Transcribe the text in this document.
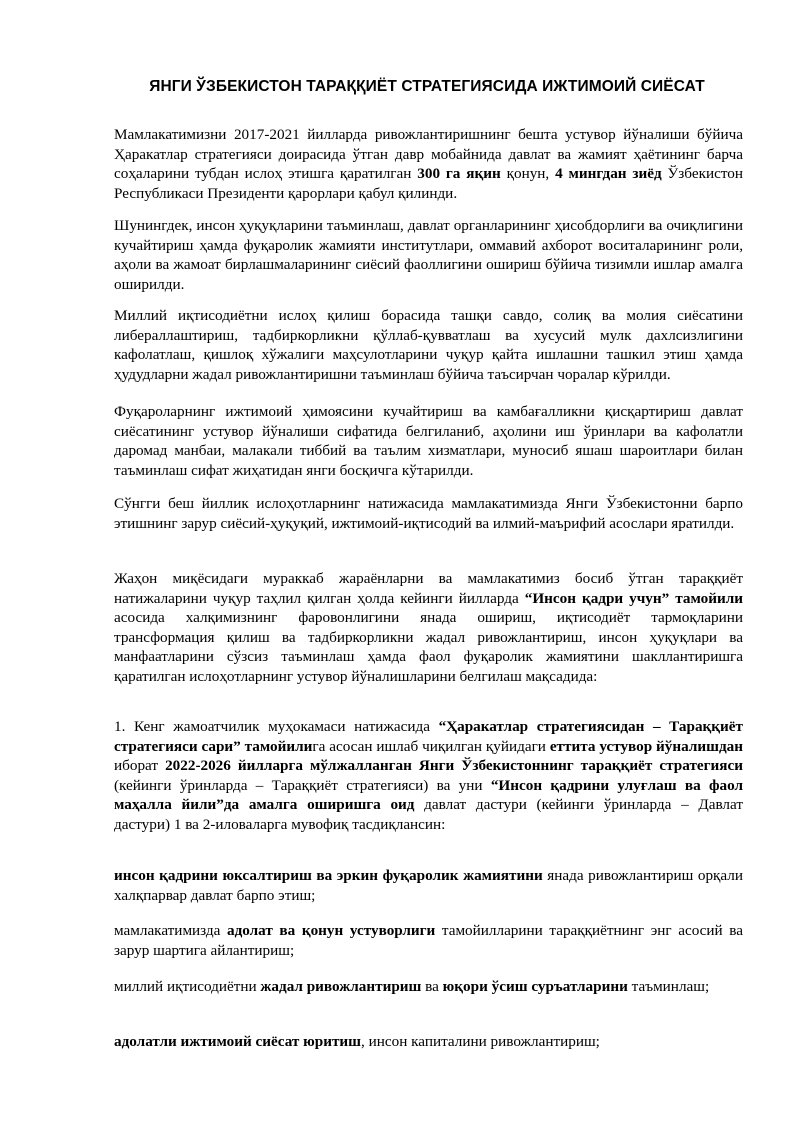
ЯНГИ ЎЗБЕКИСТОН ТАРАҚҚИЁТ СТРАТЕГИЯСИДА ИЖТИМОИЙ СИЁСАТ

Мамлакатимизни 2017-2021 йилларда ривожлантиришнинг бешта устувор йўналиши бўйича Ҳаракатлар стратегияси доирасида ўтган давр мобайнида давлат ва жамият ҳаётининг барча соҳаларини тубдан ислоҳ этишга қаратилган 300 га яқин қонун, 4 мингдан зиёд Ўзбекистон Республикаси Президенти қарорлари қабул қилинди.

Шунингдек, инсон ҳуқуқларини таъминлаш, давлат органларининг ҳисобдорлиги ва очиқлигини кучайтириш ҳамда фуқаролик жамияти институтлари, оммавий ахборот воситаларининг роли, аҳоли ва жамоат бирлашмаларининг сиёсий фаоллигини ошириш бўйича тизимли ишлар амалга оширилди.

Миллий иқтисодиётни ислоҳ қилиш борасида ташқи савдо, солиқ ва молия сиёсатини либераллаштириш, тадбиркорликни қўллаб-қувватлаш ва хусусий мулк дахлсизлигини кафолатлаш, қишлоқ хўжалиги маҳсулотларини чуқур қайта ишлашни ташкил этиш ҳамда ҳудудларни жадал ривожлантиришни таъминлаш бўйича таъсирчан чоралар кўрилди.

Фуқароларнинг ижтимоий ҳимоясини кучайтириш ва камбағалликни қисқартириш давлат сиёсатининг устувор йўналиши сифатида белгиланиб, аҳолини иш ўринлари ва кафолатли даромад манбаи, малакали тиббий ва таълим хизматлари, муносиб яшаш шароитлари билан таъминлаш сифат жиҳатидан янги босқичга кўтарилди.

Сўнгги беш йиллик ислоҳотларнинг натижасида мамлакатимизда Янги Ўзбекистонни барпо этишнинг зарур сиёсий-ҳуқуқий, ижтимоий-иқтисодий ва илмий-маърифий асослари яратилди.

Жаҳон миқёсидаги мураккаб жараёнларни ва мамлакатимиз босиб ўтган тараққиёт натижаларини чуқур таҳлил қилган ҳолда кейинги йилларда “Инсон қадри учун” тамойили асосида халқимизнинг фаровонлигини янада ошириш, иқтисодиёт тармоқларини трансформация қилиш ва тадбиркорликни жадал ривожлантириш, инсон ҳуқуқлари ва манфаатларини сўзсиз таъминлаш ҳамда фаол фуқаролик жамиятини шакллантиришга қаратилган ислоҳотларнинг устувор йўналишларини белгилаш мақсадида:

1. Кенг жамоатчилик муҳокамаси натижасида “Ҳаракатлар стратегиясидан – Тараққиёт стратегияси сари” тамойилига асосан ишлаб чиқилган қуйидаги еттита устувор йўналишдан иборат 2022-2026 йилларга мўлжалланган Янги Ўзбекистоннинг тараққиёт стратегияси (кейинги ўринларда – Тараққиёт стратегияси) ва уни “Инсон қадрини улуғлаш ва фаол маҳалла йили”да амалга оширишга оид давлат дастури (кейинги ўринларда – Давлат дастури) 1 ва 2-иловаларга мувофиқ тасдиқлансин:

инсон қадрини юксалтириш ва эркин фуқаролик жамиятини янада ривожлантириш орқали халқпарвар давлат барпо этиш;

мамлакатимизда адолат ва қонун устуворлиги тамойилларини тараққиётнинг энг асосий ва зарур шартига айлантириш;

миллий иқтисодиётни жадал ривожлантириш ва юқори ўсиш суръатларини таъминлаш;

адолатли ижтимоий сиёсат юритиш, инсон капиталини ривожлантириш;
